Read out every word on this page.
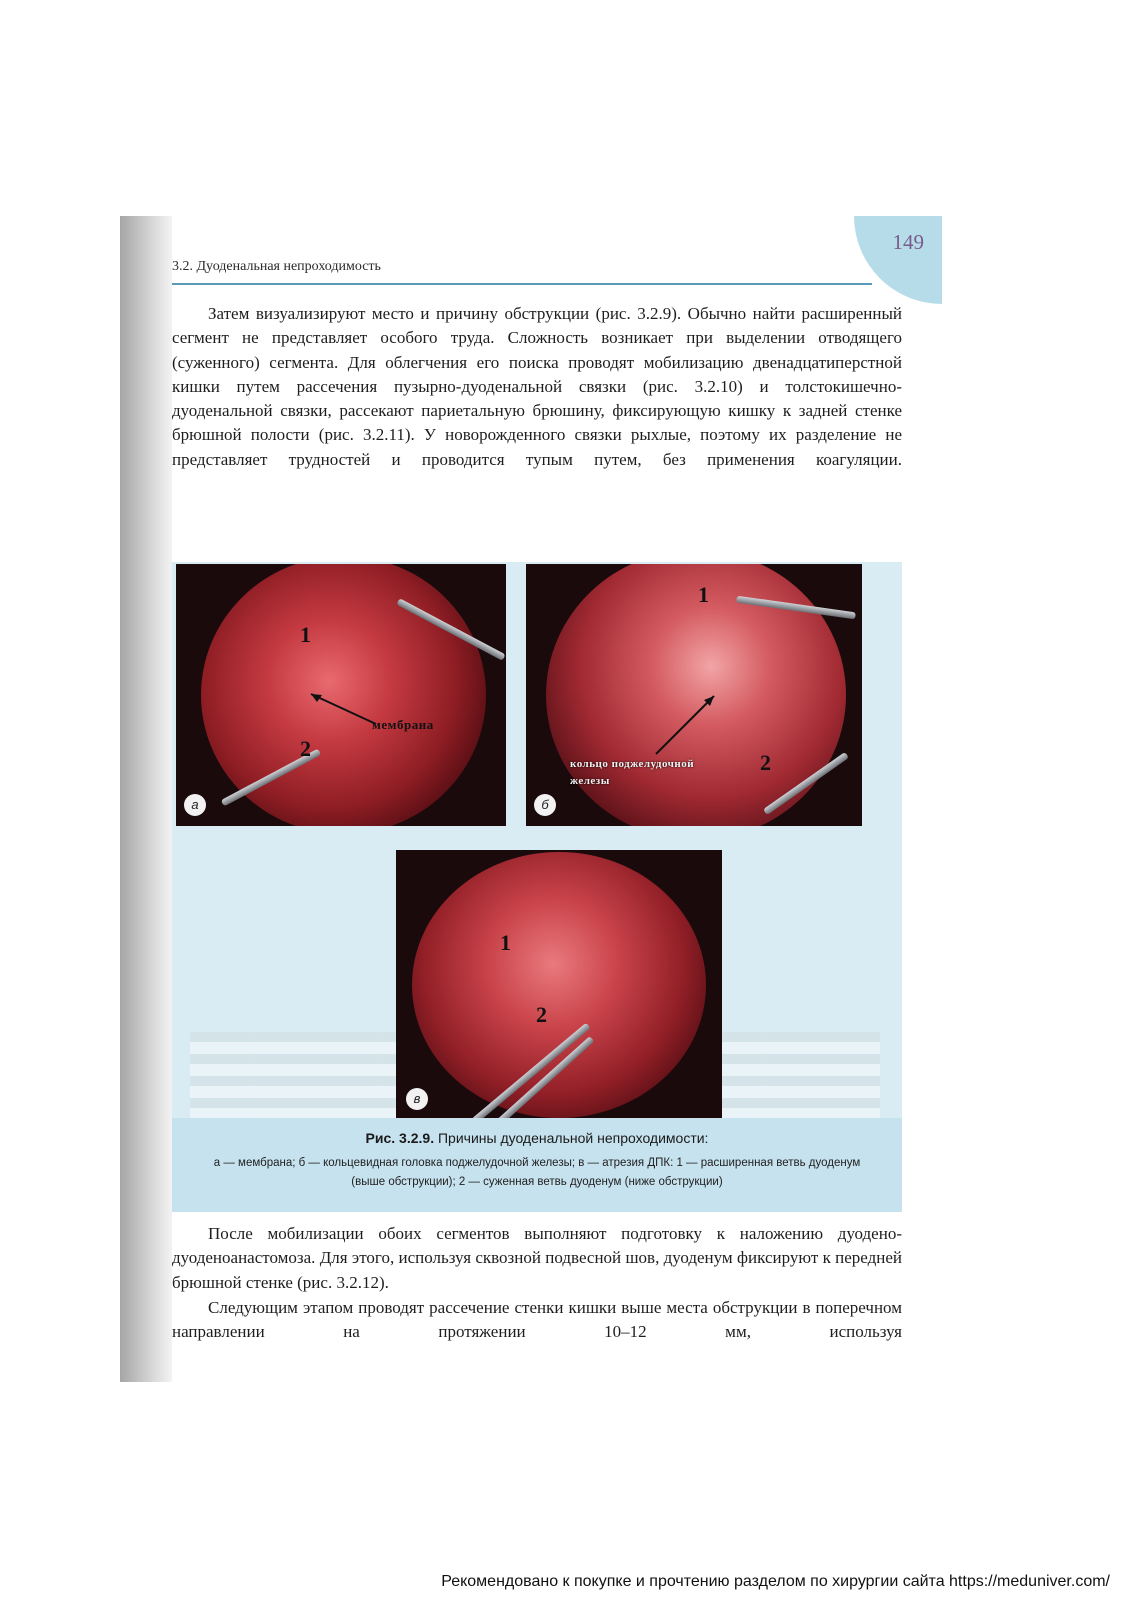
149
3.2. Дуоденальная непроходимость
Затем визуализируют место и причину обструкции (рис. 3.2.9). Обычно найти расширенный сегмент не представляет особого труда. Сложность возникает при выделении отводящего (суженного) сегмента. Для облегчения его поиска проводят мобилизацию двенадцатиперстной кишки путем рассечения пузырно-дуоденальной связки (рис. 3.2.10) и толстокишечно-дуоденальной связки, рассекают париетальную брюшину, фиксирующую кишку к задней стенке брюшной полости (рис. 3.2.11). У новорожденного связки рыхлые, поэтому их разделение не представляет трудностей и проводится тупым путем, без применения коагуляции.
1
2
мембрана
а
1
2
кольцо поджелудочной железы
б
1
2
в
Рис. 3.2.9. Причины дуоденальной непроходимости:
а — мембрана; б — кольцевидная головка поджелудочной железы; в — атрезия ДПК: 1 — расширенная ветвь дуоденум (выше обструкции); 2 — суженная ветвь дуоденум (ниже обструкции)
После мобилизации обоих сегментов выполняют подготовку к наложению дуодено-дуоденоанастомоза. Для этого, используя сквозной подвесной шов, дуоденум фиксируют к передней брюшной стенке (рис. 3.2.12).
Следующим этапом проводят рассечение стенки кишки выше места обструкции в поперечном направлении на протяжении 10–12 мм, используя
Рекомендовано к покупке и прочтению разделом по хирургии сайта https://meduniver.com/
